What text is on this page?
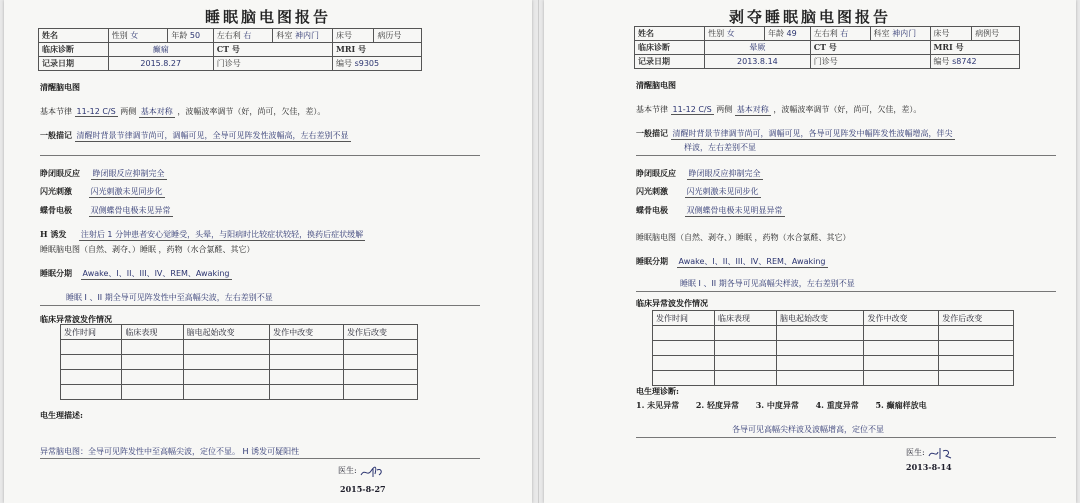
睡眠脑电图报告
姓名	性别 女	年龄 50	左右利 右	科室 神内门	床号	病历号
临床诊断	癫痫		CT 号		MRI 号	
记录日期	2015.8.27		门诊号		编号 s9305	
清醒脑电图
基本节律 11-12 C/S 两侧 基本对称 ，波幅波率调节（好，尚可，欠佳，差）。
一般描记 清醒时背景节律调节尚可，调幅可见，全导可见阵发性波幅高，左右差别不显
睁闭眼反应 睁闭眼反应抑制完全
闪光刺激 闪光刺激未见同步化
蝶骨电极 双侧蝶骨电极未见异常
H 诱发 注射后 1 分钟患者安心觉睡受，头晕，与阳病时比较症状较轻，换药后症状缓解
睡眠脑电图（自然、剥夺、）睡眠 ，药物（水合氯醛、其它）
睡眠分期 Awake、I、II、III、IV、REM、Awaking
睡眠 I 、II 期全导可见阵发性中至高幅尖波，左右差别不显
临床异常波发作情况
发作时间	临床表现	脑电起始改变	发作中改变	发作后改变

电生理描述:
异常脑电图：全导可见阵发性中至高幅尖波，定位不显。 H 诱发可疑阳性
医生:
2015-8-27
剥夺睡眠脑电图报告
姓名	性别 女	年龄 49	左右利 右	科室 神内门	床号	病例号
临床诊断	晕厥		CT 号		MRI 号	
记录日期	2013.8.14		门诊号		编号 s8742	
清醒脑电图
基本节律 11-12 C/S 两侧 基本对称 ，波幅波率调节（好，尚可，欠佳，差）。
一般描记 清醒时背景节律调节尚可，调幅可见，各导可见阵发中幅阵发性波幅增高，伴尖
样波，左右差别不显
睁闭眼反应 睁闭眼反应抑制完全
闪光刺激 闪光刺激未见同步化
蝶骨电极 双侧蝶骨电极未见明显异常
睡眠脑电图（自然、剥夺、）睡眠 ，药物（水合氯醛、其它）
睡眠分期 Awake、I、II、III、IV、REM、Awaking
睡眠 I 、II 期各导可见高幅尖样波，左右差别不显
临床异常波发作情况
发作时间	临床表现	脑电起始改变	发作中改变	发作后改变

电生理诊断:
1. 未见异常 2. 轻度异常 3. 中度异常 4. 重度异常 5. 癫痫样放电
各导可见高幅尖样波及波幅增高，定位不显
医生:
2013-8-14
